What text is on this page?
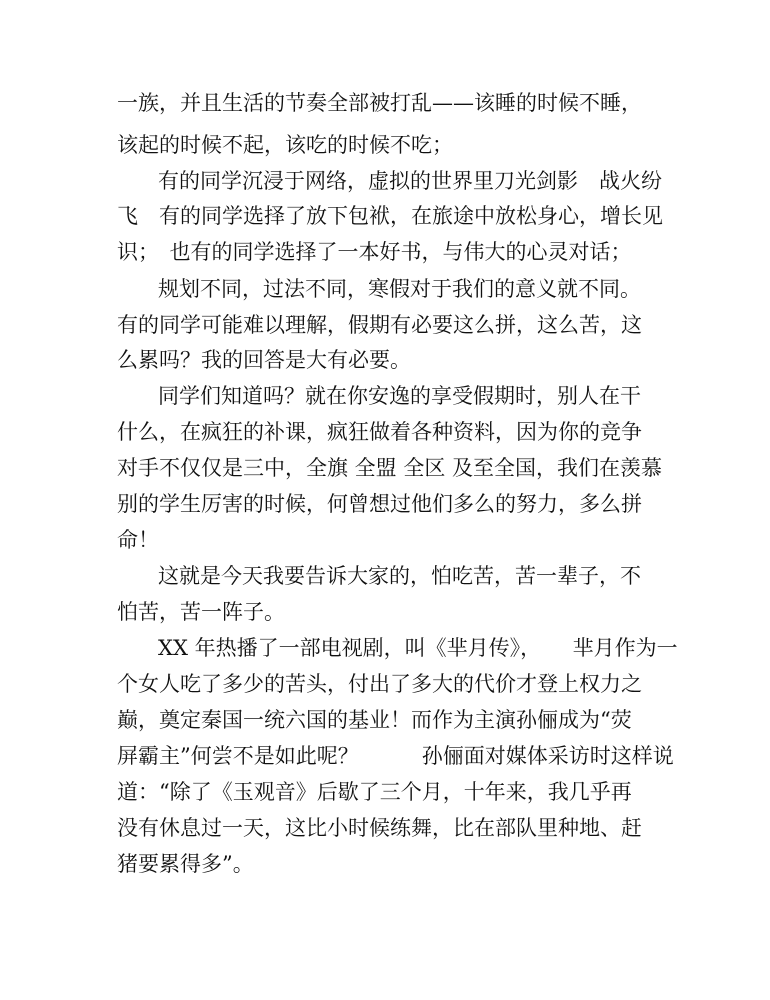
一族，并且生活的节奏全部被打乱——该睡的时候不睡，
该起的时候不起，该吃的时候不吃；
有的同学沉浸于网络，虚拟的世界里刀光剑影　战火纷
飞　有的同学选择了放下包袱，在旅途中放松身心，增长见
识；　也有的同学选择了一本好书，与伟大的心灵对话；
规划不同，过法不同，寒假对于我们的意义就不同。
有的同学可能难以理解，假期有必要这么拼，这么苦，这
么累吗？我的回答是大有必要。
同学们知道吗？就在你安逸的享受假期时，别人在干
什么，在疯狂的补课，疯狂做着各种资料，因为你的竞争
对手不仅仅是三中，全旗 全盟 全区 及至全国，我们在羡慕
别的学生厉害的时候，何曾想过他们多么的努力，多么拼
命！
这就是今天我要告诉大家的，怕吃苦，苦一辈子，不
怕苦，苦一阵子。
XX 年热播了一部电视剧，叫《芈月传》，　　芈月作为一
个女人吃了多少的苦头，付出了多大的代价才登上权力之
巅，奠定秦国一统六国的基业！而作为主演孙俪成为“荧
屏霸主”何尝不是如此呢？　　　孙俪面对媒体采访时这样说
道：“除了《玉观音》后歇了三个月，十年来，我几乎再
没有休息过一天，这比小时候练舞，比在部队里种地、赶
猪要累得多”。
